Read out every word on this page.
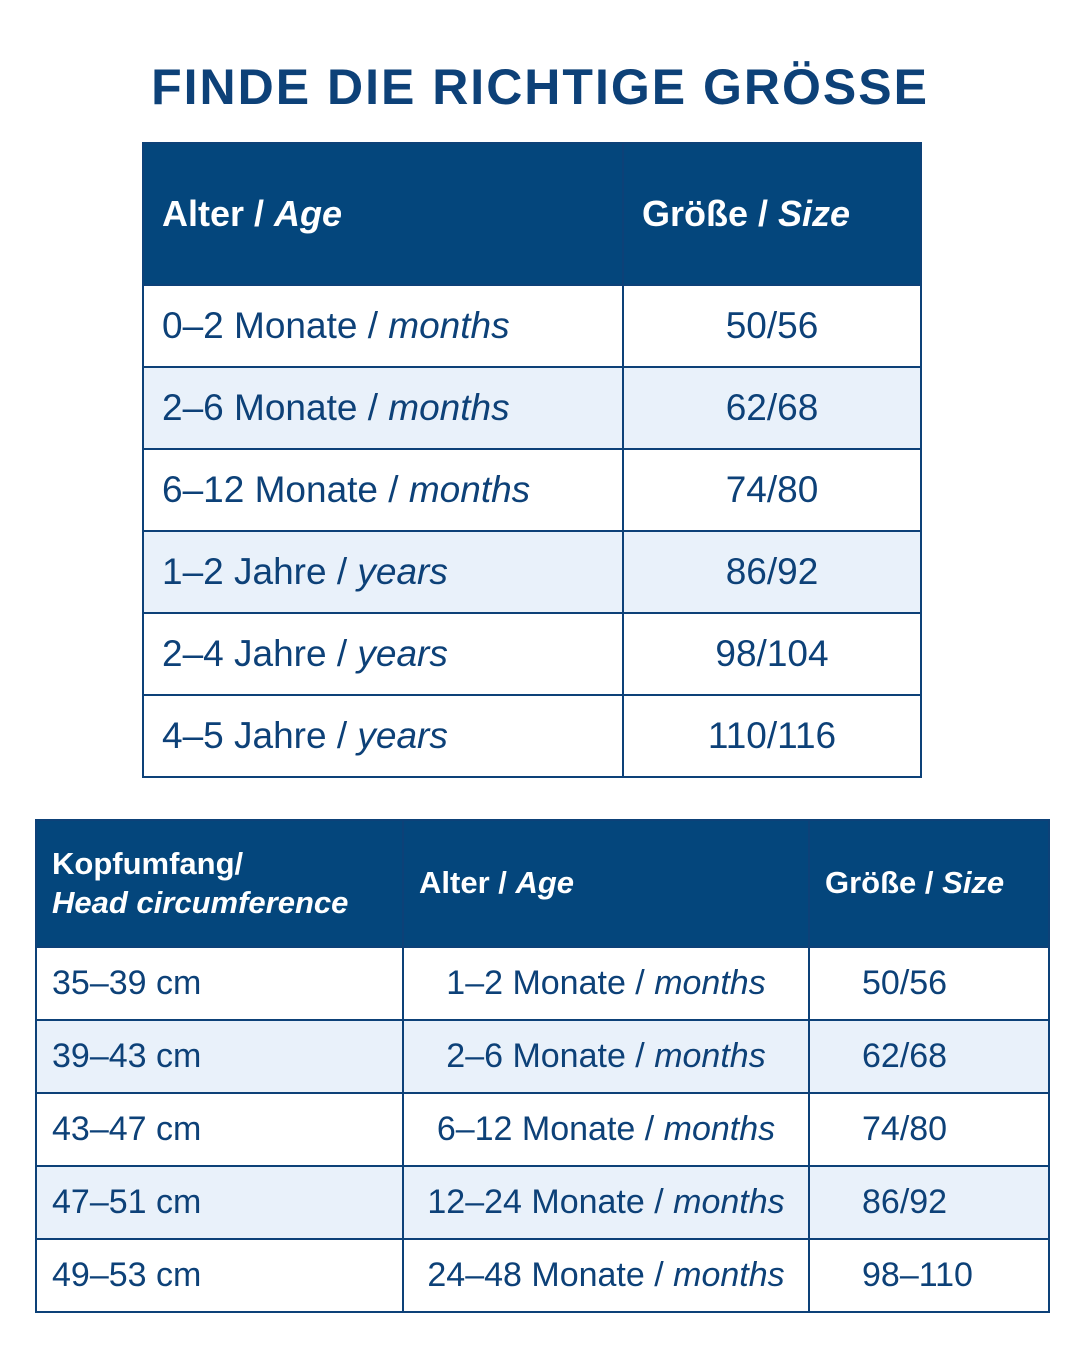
FINDE DIE RICHTIGE GRÖSSE
Alter / Age	Größe / Size
0–2 Monate / months	50/56
2–6 Monate / months	62/68
6–12 Monate / months	74/80
1–2 Jahre / years	86/92
2–4 Jahre / years	98/104
4–5 Jahre / years	110/116
Kopfumfang/
Head circumference	Alter / Age	Größe / Size
35–39 cm	1–2 Monate / months	50/56
39–43 cm	2–6 Monate / months	62/68
43–47 cm	6–12 Monate / months	74/80
47–51 cm	12–24 Monate / months	86/92
49–53 cm	24–48 Monate / months	98–110
